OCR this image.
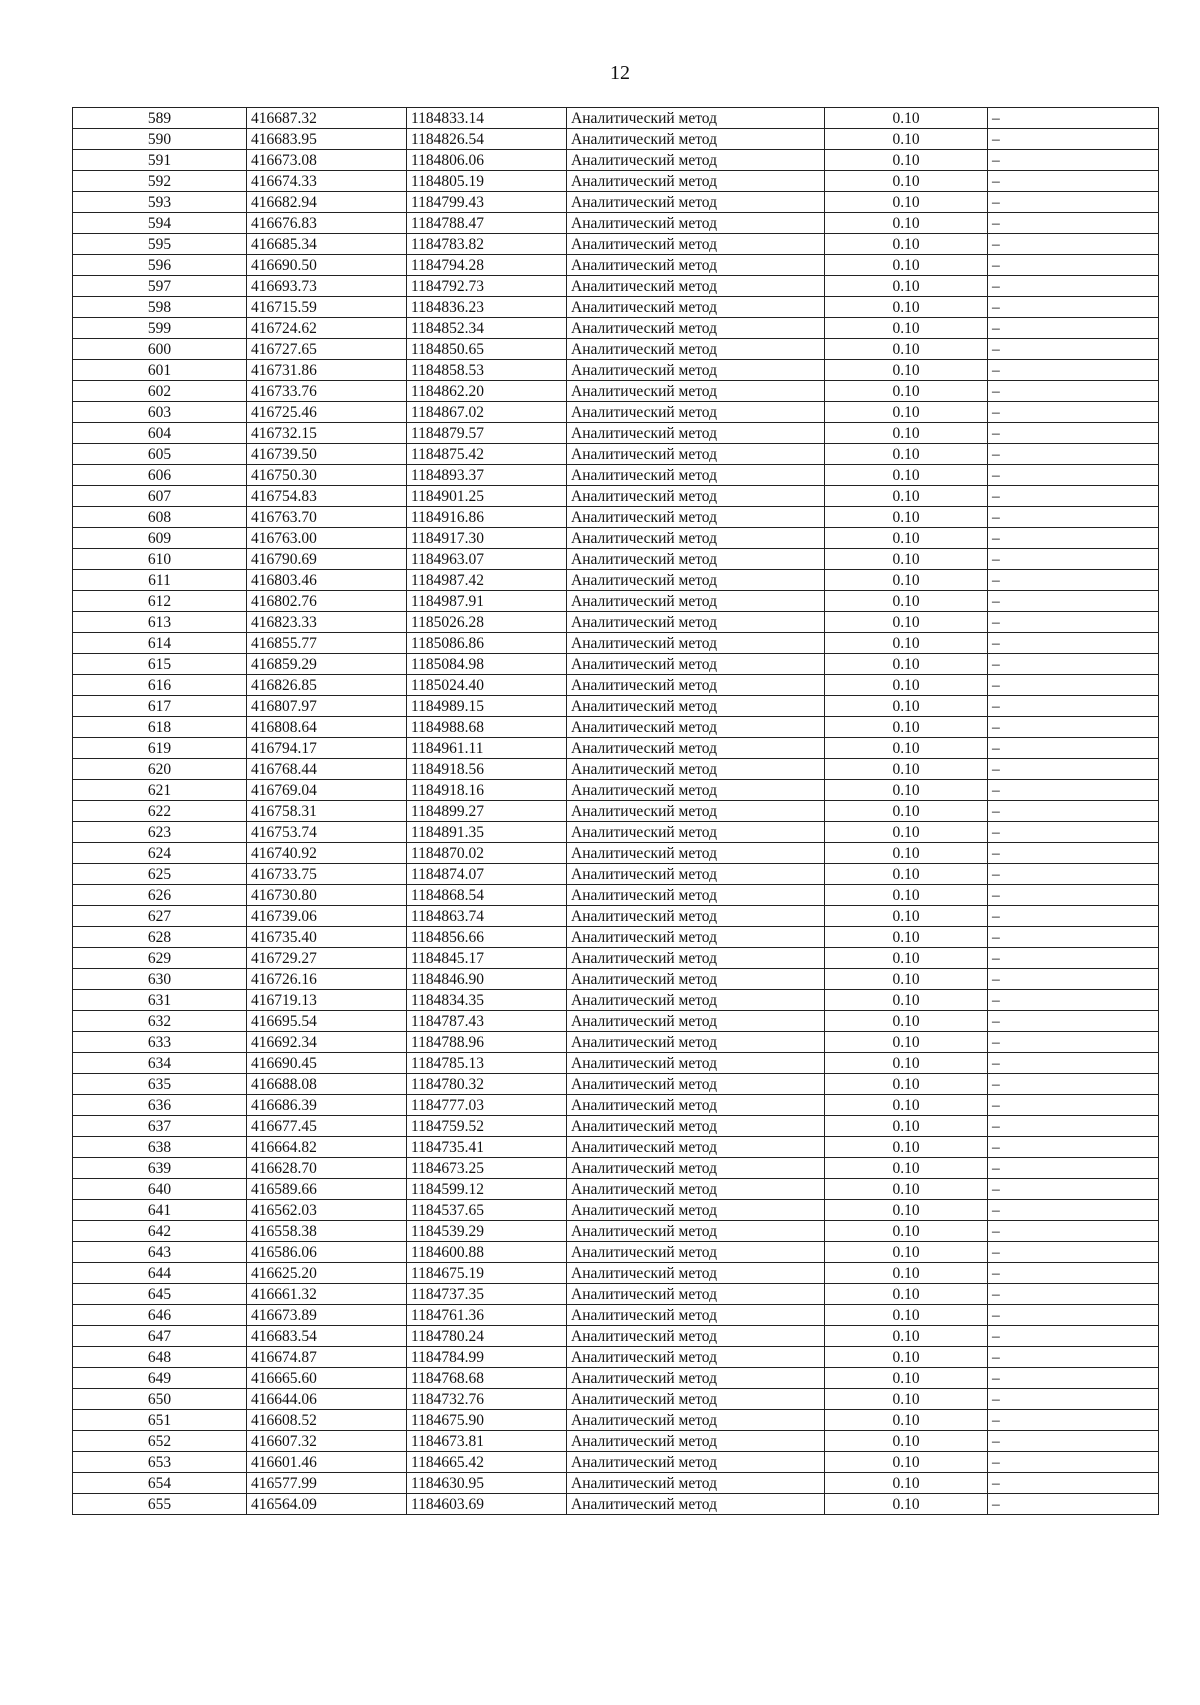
12
589	416687.32	1184833.14	Аналитический метод	0.10	–
590	416683.95	1184826.54	Аналитический метод	0.10	–
591	416673.08	1184806.06	Аналитический метод	0.10	–
592	416674.33	1184805.19	Аналитический метод	0.10	–
593	416682.94	1184799.43	Аналитический метод	0.10	–
594	416676.83	1184788.47	Аналитический метод	0.10	–
595	416685.34	1184783.82	Аналитический метод	0.10	–
596	416690.50	1184794.28	Аналитический метод	0.10	–
597	416693.73	1184792.73	Аналитический метод	0.10	–
598	416715.59	1184836.23	Аналитический метод	0.10	–
599	416724.62	1184852.34	Аналитический метод	0.10	–
600	416727.65	1184850.65	Аналитический метод	0.10	–
601	416731.86	1184858.53	Аналитический метод	0.10	–
602	416733.76	1184862.20	Аналитический метод	0.10	–
603	416725.46	1184867.02	Аналитический метод	0.10	–
604	416732.15	1184879.57	Аналитический метод	0.10	–
605	416739.50	1184875.42	Аналитический метод	0.10	–
606	416750.30	1184893.37	Аналитический метод	0.10	–
607	416754.83	1184901.25	Аналитический метод	0.10	–
608	416763.70	1184916.86	Аналитический метод	0.10	–
609	416763.00	1184917.30	Аналитический метод	0.10	–
610	416790.69	1184963.07	Аналитический метод	0.10	–
611	416803.46	1184987.42	Аналитический метод	0.10	–
612	416802.76	1184987.91	Аналитический метод	0.10	–
613	416823.33	1185026.28	Аналитический метод	0.10	–
614	416855.77	1185086.86	Аналитический метод	0.10	–
615	416859.29	1185084.98	Аналитический метод	0.10	–
616	416826.85	1185024.40	Аналитический метод	0.10	–
617	416807.97	1184989.15	Аналитический метод	0.10	–
618	416808.64	1184988.68	Аналитический метод	0.10	–
619	416794.17	1184961.11	Аналитический метод	0.10	–
620	416768.44	1184918.56	Аналитический метод	0.10	–
621	416769.04	1184918.16	Аналитический метод	0.10	–
622	416758.31	1184899.27	Аналитический метод	0.10	–
623	416753.74	1184891.35	Аналитический метод	0.10	–
624	416740.92	1184870.02	Аналитический метод	0.10	–
625	416733.75	1184874.07	Аналитический метод	0.10	–
626	416730.80	1184868.54	Аналитический метод	0.10	–
627	416739.06	1184863.74	Аналитический метод	0.10	–
628	416735.40	1184856.66	Аналитический метод	0.10	–
629	416729.27	1184845.17	Аналитический метод	0.10	–
630	416726.16	1184846.90	Аналитический метод	0.10	–
631	416719.13	1184834.35	Аналитический метод	0.10	–
632	416695.54	1184787.43	Аналитический метод	0.10	–
633	416692.34	1184788.96	Аналитический метод	0.10	–
634	416690.45	1184785.13	Аналитический метод	0.10	–
635	416688.08	1184780.32	Аналитический метод	0.10	–
636	416686.39	1184777.03	Аналитический метод	0.10	–
637	416677.45	1184759.52	Аналитический метод	0.10	–
638	416664.82	1184735.41	Аналитический метод	0.10	–
639	416628.70	1184673.25	Аналитический метод	0.10	–
640	416589.66	1184599.12	Аналитический метод	0.10	–
641	416562.03	1184537.65	Аналитический метод	0.10	–
642	416558.38	1184539.29	Аналитический метод	0.10	–
643	416586.06	1184600.88	Аналитический метод	0.10	–
644	416625.20	1184675.19	Аналитический метод	0.10	–
645	416661.32	1184737.35	Аналитический метод	0.10	–
646	416673.89	1184761.36	Аналитический метод	0.10	–
647	416683.54	1184780.24	Аналитический метод	0.10	–
648	416674.87	1184784.99	Аналитический метод	0.10	–
649	416665.60	1184768.68	Аналитический метод	0.10	–
650	416644.06	1184732.76	Аналитический метод	0.10	–
651	416608.52	1184675.90	Аналитический метод	0.10	–
652	416607.32	1184673.81	Аналитический метод	0.10	–
653	416601.46	1184665.42	Аналитический метод	0.10	–
654	416577.99	1184630.95	Аналитический метод	0.10	–
655	416564.09	1184603.69	Аналитический метод	0.10	–
